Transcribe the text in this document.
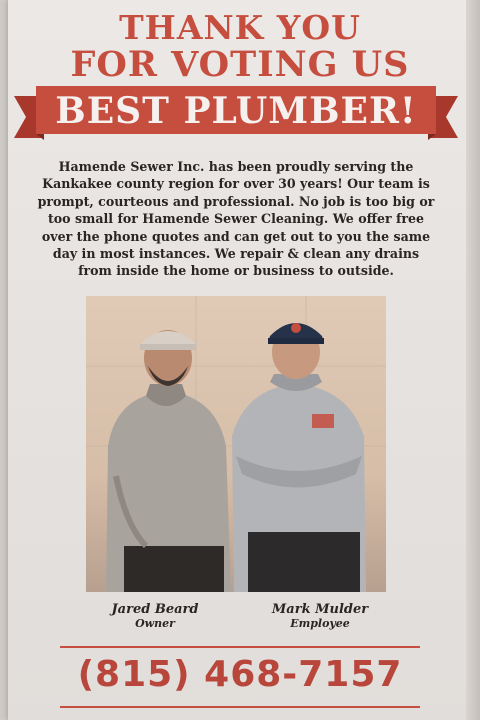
THANK YOU
FOR VOTING US
BEST PLUMBER!
Hamende Sewer Inc. has been proudly serving the
Kankakee county region for over 30 years! Our team is
prompt, courteous and professional. No job is too big or
too small for Hamende Sewer Cleaning. We offer free
over the phone quotes and can get out to you the same
day in most instances. We repair & clean any drains
from inside the home or business to outside.
Jared Beard
Owner
Mark Mulder
Employee
(815) 468-7157
